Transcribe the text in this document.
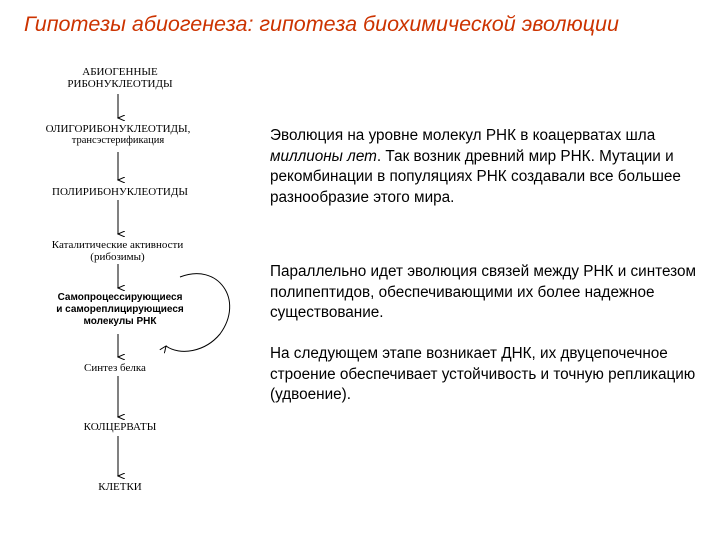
Гипотезы абиогенеза: гипотеза биохимической эволюции
АБИОГЕННЫЕ
РИБОНУКЛЕОТИДЫ
ОЛИГОРИБОНУКЛЕОТИДЫ,
трансэстерификация
ПОЛИРИБОНУКЛЕОТИДЫ
Каталитические активности
(рибозимы)
Самопроцессирующиеся
и самореплицирующиеся
молекулы РНК
Синтез белка
КОЛЦЕРВАТЫ
КЛЕТКИ
Эволюция на уровне молекул РНК в коацерватах шла миллионы лет. Так возник древний мир РНК. Мутации и рекомбинации в популяциях РНК создавали все большее разнообразие этого мира.
Параллельно идет эволюция связей между РНК и синтезом полипептидов, обеспечивающими их более надежное существование.
На следующем этапе возникает ДНК, их двуцепочечное строение обеспечивает устойчивость и точную репликацию (удвоение).
